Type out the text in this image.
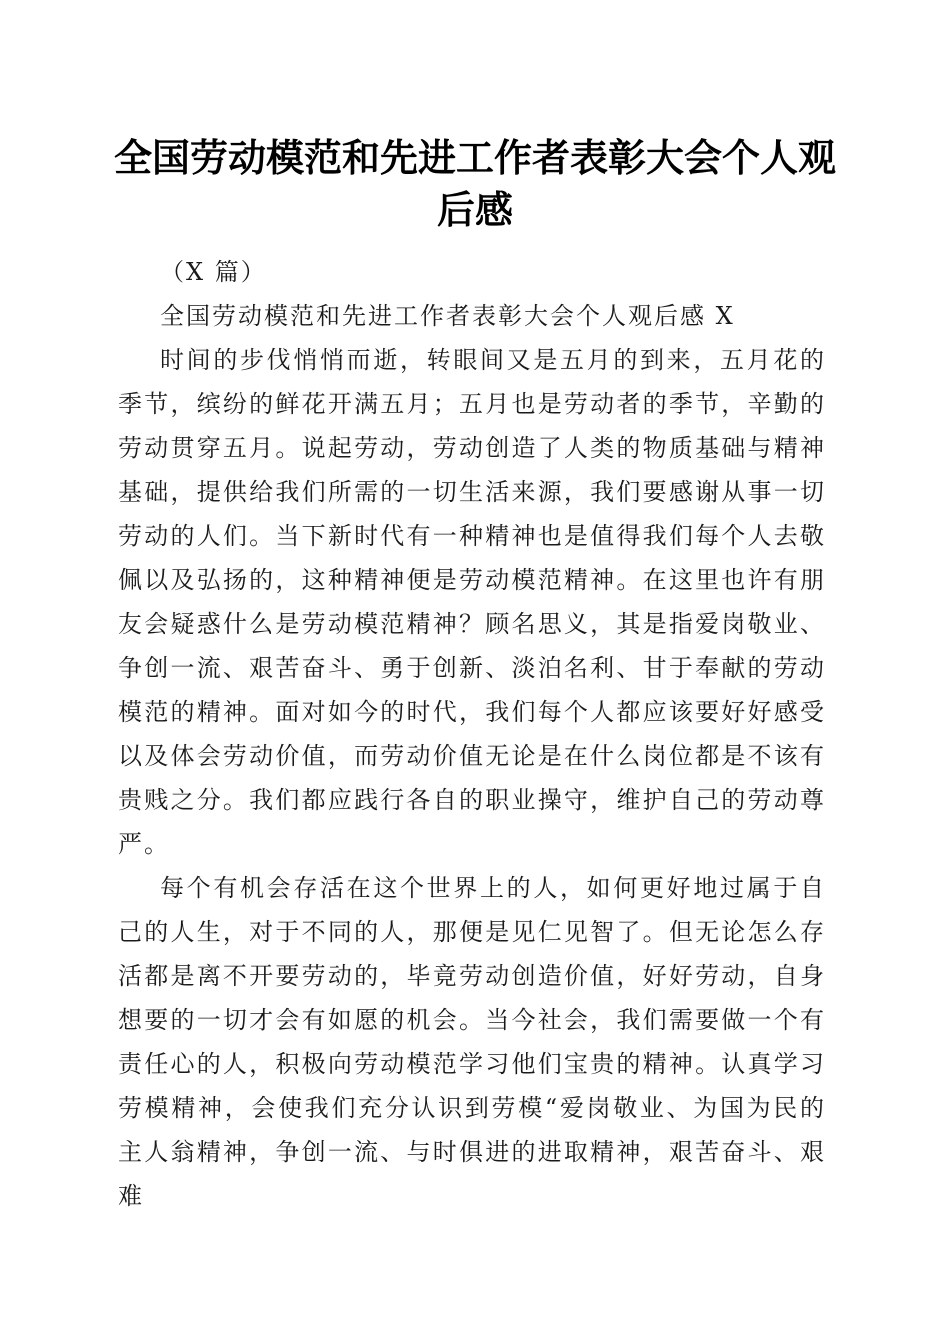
全国劳动模范和先进工作者表彰大会个人观后感

（X 篇）

全国劳动模范和先进工作者表彰大会个人观后感 X

时间的步伐悄悄而逝，转眼间又是五月的到来，五月花的季节，缤纷的鲜花开满五月；五月也是劳动者的季节，辛勤的劳动贯穿五月。说起劳动，劳动创造了人类的物质基础与精神基础，提供给我们所需的一切生活来源，我们要感谢从事一切劳动的人们。当下新时代有一种精神也是值得我们每个人去敬佩以及弘扬的，这种精神便是劳动模范精神。在这里也许有朋友会疑惑什么是劳动模范精神？顾名思义，其是指爱岗敬业、争创一流、艰苦奋斗、勇于创新、淡泊名利、甘于奉献的劳动模范的精神。面对如今的时代，我们每个人都应该要好好感受以及体会劳动价值，而劳动价值无论是在什么岗位都是不该有贵贱之分。我们都应践行各自的职业操守，维护自己的劳动尊严。

每个有机会存活在这个世界上的人，如何更好地过属于自己的人生，对于不同的人，那便是见仁见智了。但无论怎么存活都是离不开要劳动的，毕竟劳动创造价值，好好劳动，自身想要的一切才会有如愿的机会。当今社会，我们需要做一个有责任心的人，积极向劳动模范学习他们宝贵的精神。认真学习劳模精神，会使我们充分认识到劳模“爱岗敬业、为国为民的主人翁精神，争创一流、与时俱进的进取精神，艰苦奋斗、艰难
